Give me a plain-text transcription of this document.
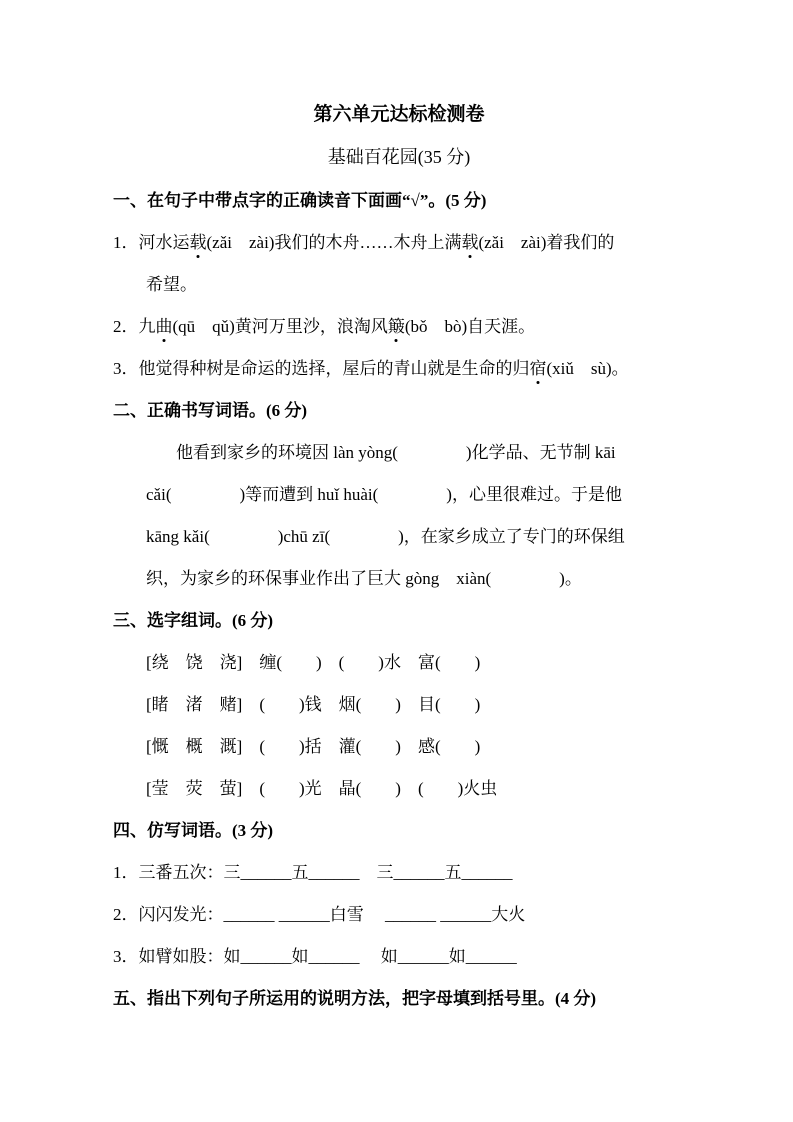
第六单元达标检测卷
基础百花园(35 分)
一、在句子中带点字的正确读音下面画“√”。(5 分)
1．河水运载(zǎi　zài)我们的木舟……木舟上满载(zǎi　zài)着我们的
希望。
2．九曲(qū　qǔ)黄河万里沙，浪淘风簸(bǒ　bò)自天涯。
3．他觉得种树是命运的选择，屋后的青山就是生命的归宿(xiǔ　sù)。
二、正确书写词语。(6 分)
他看到家乡的环境因 làn yòng(　　　　)化学品、无节制 kāi
cǎi(　　　　)等而遭到 huǐ huài(　　　　)，心里很难过。于是他
kāng kǎi(　　　　)chū zī(　　　　)，在家乡成立了专门的环保组
织，为家乡的环保事业作出了巨大 gòng　xiàn(　　　　)。
三、选字组词。(6 分)
[绕　饶　浇]　缠(　　)　(　　)水　富(　　)
[睹　渚　赌]　(　　)钱　烟(　　)　目(　　)
[慨　概　溉]　(　　)括　灌(　　)　感(　　)
[莹　荧　萤]　(　　)光　晶(　　)　(　　)火虫
四、仿写词语。(3 分)
1．三番五次：三______五______　三______五______
2．闪闪发光：______ ______白雪　 ______ ______大火
3．如臂如股：如______如______　 如______如______
五、指出下列句子所运用的说明方法，把字母填到括号里。(4 分)
